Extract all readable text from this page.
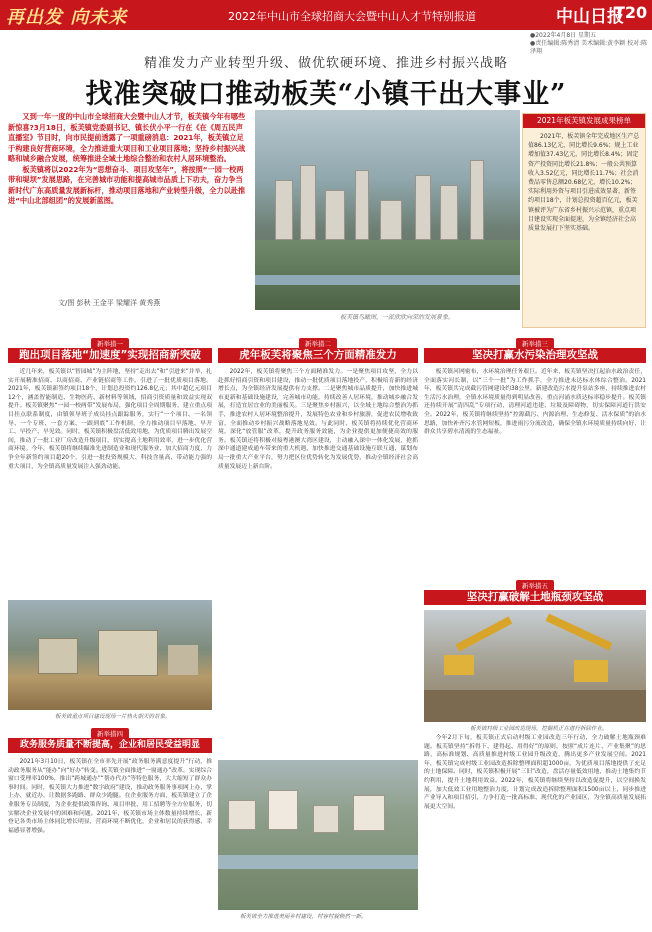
再出发 向未来	2022年中山市全球招商大会暨中山人才节特别报道	中山日报
T20
●2022年4月8日 星期五
●责任编辑:陈秀清 美术编辑:黄李颖 校对:陈泽翔
精准发力产业转型升级、做优软硬环境、推进乡村振兴战略
找准突破口推动板芙“小镇干出大事业”

又到一年一度的中山市全球招商大会暨中山人才节，板芙镇今年有哪些新惊喜?3月18日，板芙镇党委副书记、镇长伏小平一行在《在《周五民声直播室》节目时，向市民提前透露了一项重磅消息：2021年，板芙镇立足于构建良好营商环境，全力推进重大项目和工业项目落地；坚持乡村振兴战略和城乡融合发展，统筹推进全域土地综合整治和农村人居环境整治。

板芙镇将以2022年为“思想奋斗、项目攻坚年”，将按照“一园一校两带和堤坝”发展思路，在完善城市功能和提高城市品质上下功夫，奋力争当新时代广东高质量发展新标杆，推动项目落地和产业转型升级，全力以赴推进“中山北部组团”的发展新蓝图。

文/图 彭秋 王金平 梁耀洋 黄秀燕
板芙镇鸟瞰图，一派欣欣向荣的发展景象。
2021年板芙镇发展成果榜单
2021年，板芙镇全年完成地区生产总值86.13亿元，同比增长9.6%；规上工业增加值37.43亿元，同比增长8.4%；固定资产投资同比增长21.8%；一般公共预算收入3.52亿元，同比增长11.7%；社会消费品零售总额20.68亿元，增长10.2%；实际利用外资与项目引进成效显著，新签约项目18个，计划总投资超百亿元，板芙镇被评为广东省乡村振兴示范镇，重点项目建设实现全面提速，为全镇经济社会高质量发展打下坚实基础。
新举措一
跑出项目落地“加速度”实现招商新突破
近几年来，板芙镇以“智园城”为主阵地，坚持“走出去”和“引进来”并举，扎实开展精准招商、以商招商、产业链招商等工作，引进了一批优质项目落地。2021年，板芙镇新签约项目18个，计划总投资约126.8亿元；其中超亿元项目12个，涵盖智能制造、生物医药、新材料等领域，招商引资质量和效益实现双提升。板芙镇聚焦“一园一校两带”发展布局，强化项目全周期服务，建立重点项目挂点联系制度，由镇领导班子成员挂点跟踪服务，实行“一个项目、一名领导、一个专班、一套方案、一跟到底”工作机制，全力推动项目早落地、早开工、早投产、早见效。同时，板芙镇积极盘活低效用地，为优质项目腾出发展空间，推动了一批工业厂房改造升级项目，切实提高土地利用效率，进一步优化营商环境。今年，板芙镇将继续瞄准先进制造业和现代服务业，加大招商力度，力争全年新签约项目超20个，引进一批投资规模大、科技含量高、带动能力强的重大项目，为全镇高质量发展注入强劲动能。
板芙镇重点项目建设现场一片热火朝天的景象。
新举措二
虎年板芙将聚焦三个方面精准发力
2022年，板芙镇将聚焦三个方面精准发力。一是聚焦项目攻坚，全力以赴抓好招商引资和项目建设，推动一批优质项目落地投产，积极培育新的经济增长点，为全镇经济发展提供有力支撑。二是聚焦城市品质提升，加快推进城市更新和基础设施建设，完善城市功能，持续改善人居环境，推动城乡融合发展，打造宜居宜业的美丽板芙。三是聚焦乡村振兴，以全域土地综合整治为抓手，推进农村人居环境整治提升，发展特色农业和乡村旅游，促进农民增收致富，全面推动乡村振兴战略落地见效。与此同时，板芙镇将持续优化营商环境，深化“放管服”改革，提升政务服务效能，为企业提供更加便捷高效的服务。板芙镇还将积极对接粤港澳大湾区建设，主动融入深中一体化发展，抢抓深中通道建成通车带来的重大机遇，加快推进交通基础设施互联互通，谋划布局一批重大产业平台，努力把区位优势转化为发展优势，推动全镇经济社会高质量发展迈上新台阶。
新举措三
坚决打赢水污染治理攻坚战
板芙镇河网密布，水环境治理任务艰巨。近年来，板芙镇坚决扛起治水政治责任，全面落实河长制，以“三个一批”为工作抓手，全力推进未达标水体综合整治。2021年，板芙镇共完成截污管网建设约38公里，新建改造污水提升泵站多座，持续推进农村生活污水治理，全镇水环境质量得到明显改善，重点河涌水质达标率稳步提升。板芙镇还持续开展“清四乱”专项行动，清理河道违建、垃圾及障碍物，切实保障河道行洪安全。2022年，板芙镇将继续坚持“控源截污、内源治理、生态修复、活水保质”的治水思路，加快补齐污水管网短板，推进雨污分流改造，确保全镇水环境质量持续向好，让群众共享碧水清流的生态福祉。
新举措五
坚决打赢破解土地瓶颈攻坚战
板芙镇村级工业园改造现场，挖掘机正在进行拆除作业。
今年2月下旬，板芙镇正式启动村级工业园改造三年行动，全力破解土地瓶颈难题。板芙镇坚持“拆得下、建得起、用得好”的原则，按照“成片连片、产业集聚”的思路，高标准规划、高质量推进村级工业园升级改造，腾出更多产业发展空间。2021年，板芙镇完成村级工业园改造拆除整理面积超1000亩，为优质项目落地提供了充足的土地保障。同时，板芙镇积极开展“三旧”改造，盘活存量低效用地，推动土地集约节约利用，提升土地利用效益。2022年，板芙镇将继续坚持以改造促提升，以空间换发展，加大低效工业用地整治力度，计划完成改造拆除整理面积1500亩以上，同步推进产业导入和项目招引，力争打造一批高标准、现代化的产业园区，为全镇高质量发展拓展更大空间。
新举措四
政务服务质量不断提高，企业和居民受益明显
2021年3月10日，板芙镇在全市率先开展“政务服务满意度提升”行动，推动政务服务从“能办”向“好办”转变。板芙镇全面推进“一窗通办”改革，实现综合窗口受理率100%，推出“跨城通办”“帮办代办”等特色服务，大大缩短了群众办事时间。同时，板芙镇大力推进“数字政府”建设，推动政务服务事项网上办、掌上办、就近办，让数据多跑路、群众少跑腿。在企业服务方面，板芙镇建立了企业服务专员制度，为企业提供政策咨询、项目审批、用工招聘等全方位服务，切实解决企业发展中的困难和问题。2021年，板芙镇市场主体数量持续增长，新登记各类市场主体同比增长明显，营商环境不断优化，企业和居民的获得感、幸福感显著增强。
板芙镇全力推进美丽乡村建设，村容村貌焕然一新。
